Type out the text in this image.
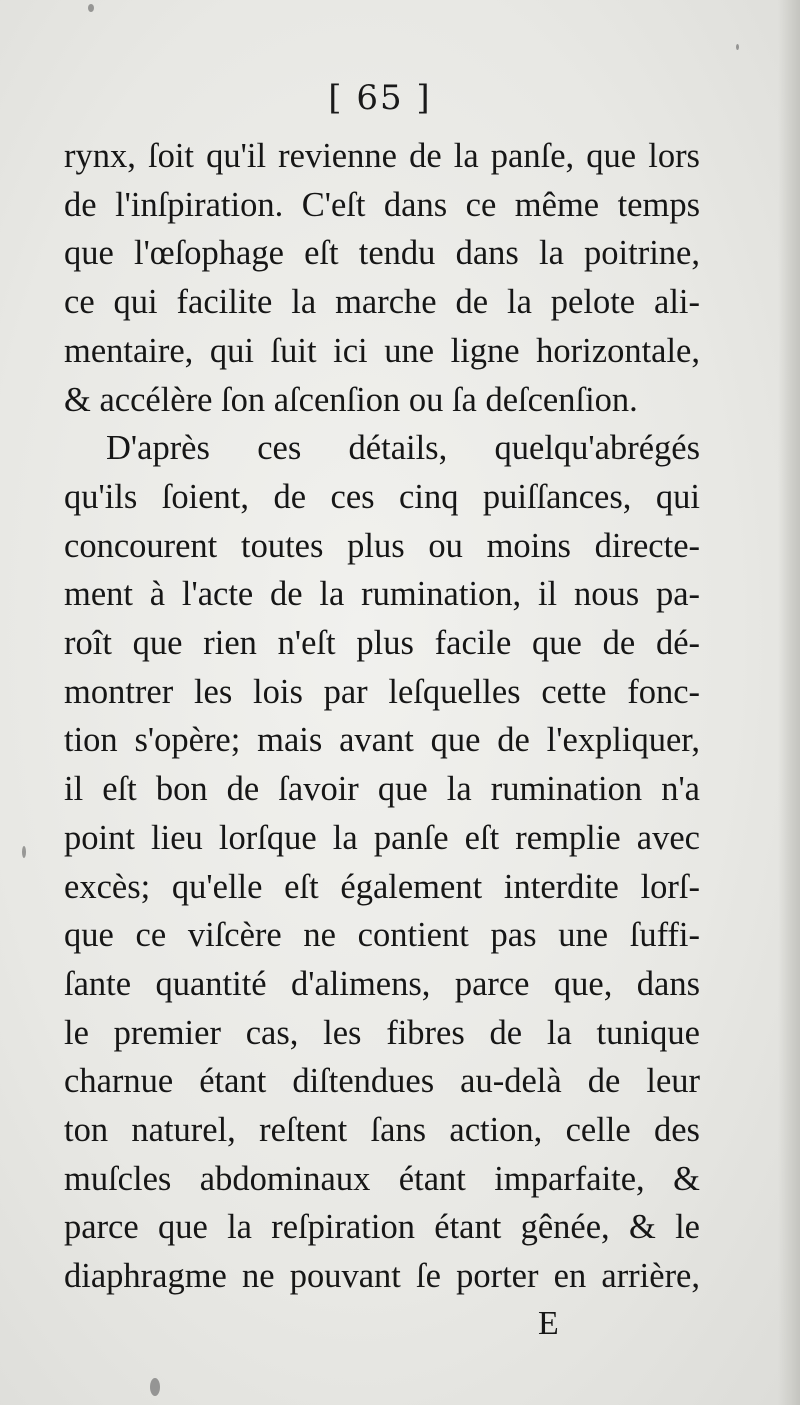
[ 65 ]
rynx, ſoit qu'il revienne de la panſe, que lors
de l'inſpiration. C'eſt dans ce même temps
que l'œſophage eſt tendu dans la poitrine,
ce qui facilite la marche de la pelote ali-
mentaire, qui ſuit ici une ligne horizontale,
& accélère ſon aſcenſion ou ſa deſcenſion.
D'après ces détails, quelqu'abrégés
qu'ils ſoient, de ces cinq puiſſances, qui
concourent toutes plus ou moins directe-
ment à l'acte de la rumination, il nous pa-
roît que rien n'eſt plus facile que de dé-
montrer les lois par leſquelles cette fonc-
tion s'opère; mais avant que de l'expliquer,
il eſt bon de ſavoir que la rumination n'a
point lieu lorſque la panſe eſt remplie avec
excès; qu'elle eſt également interdite lorſ-
que ce viſcère ne contient pas une ſuffi-
ſante quantité d'alimens, parce que, dans
le premier cas, les fibres de la tunique
charnue étant diſtendues au-delà de leur
ton naturel, reſtent ſans action, celle des
muſcles abdominaux étant imparfaite, &
parce que la reſpiration étant gênée, & le
diaphragme ne pouvant ſe porter en arrière,
E
